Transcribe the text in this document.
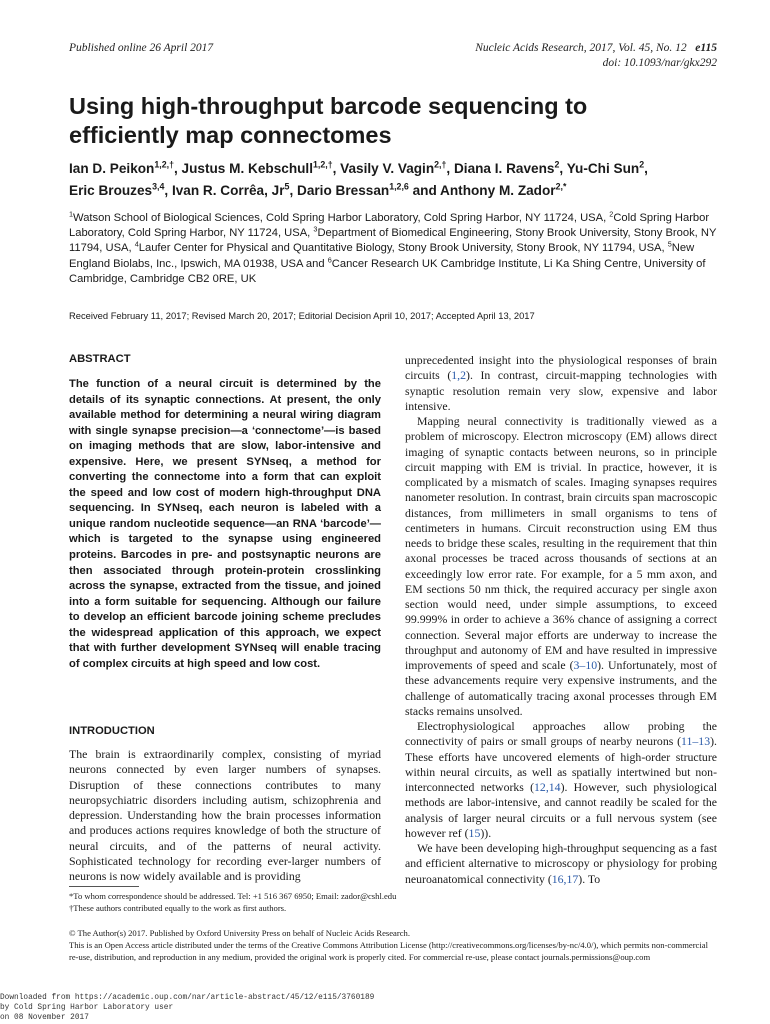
Published online 26 April 2017	Nucleic Acids Research, 2017, Vol. 45, No. 12 e115
doi: 10.1093/nar/gkx292
Using high-throughput barcode sequencing to efficiently map connectomes
Ian D. Peikon$^{1,2,\dagger}$, Justus M. Kebschull$^{1,2,\dagger}$, Vasily V. Vagin$^{2,\dagger}$, Diana I. Ravens$^2$, Yu-Chi Sun$^2$,
Eric Brouzes$^{3,4}$, Ivan R. Corrêa, Jr$^5$, Dario Bressan$^{1,2,6}$ and Anthony M. Zador$^{2,*}$
$^1$Watson School of Biological Sciences, Cold Spring Harbor Laboratory, Cold Spring Harbor, NY 11724, USA, $^2$Cold Spring Harbor Laboratory, Cold Spring Harbor, NY 11724, USA, $^3$Department of Biomedical Engineering, Stony Brook University, Stony Brook, NY 11794, USA, $^4$Laufer Center for Physical and Quantitative Biology, Stony Brook University, Stony Brook, NY 11794, USA, $^5$New England Biolabs, Inc., Ipswich, MA 01938, USA and $^6$Cancer Research UK Cambridge Institute, Li Ka Shing Centre, University of Cambridge, Cambridge CB2 0RE, UK
Received February 11, 2017; Revised March 20, 2017; Editorial Decision April 10, 2017; Accepted April 13, 2017
ABSTRACT
The function of a neural circuit is determined by the details of its synaptic connections. At present, the only available method for determining a neural wiring diagram with single synapse precision—a ‘connectome’—is based on imaging methods that are slow, labor-intensive and expensive. Here, we present SYNseq, a method for converting the connectome into a form that can exploit the speed and low cost of modern high-throughput DNA sequencing. In SYNseq, each neuron is labeled with a unique random nucleotide sequence—an RNA ‘barcode’—which is targeted to the synapse using engineered proteins. Barcodes in pre- and postsynaptic neurons are then associated through protein-protein crosslinking across the synapse, extracted from the tissue, and joined into a form suitable for sequencing. Although our failure to develop an efficient barcode joining scheme precludes the widespread application of this approach, we expect that with further development SYNseq will enable tracing of complex circuits at high speed and low cost.
INTRODUCTION

The brain is extraordinarily complex, consisting of myriad neurons connected by even larger numbers of synapses. Disruption of these connections contributes to many neuropsychiatric disorders including autism, schizophrenia and depression. Understanding how the brain processes information and produces actions requires knowledge of both the structure of neural circuits, and of the patterns of neural activity. Sophisticated technology for recording ever-larger numbers of neurons is now widely available and is providing

unprecedented insight into the physiological responses of brain circuits (1,2). In contrast, circuit-mapping technologies with synaptic resolution remain very slow, expensive and labor intensive.

Mapping neural connectivity is traditionally viewed as a problem of microscopy. Electron microscopy (EM) allows direct imaging of synaptic contacts between neurons, so in principle circuit mapping with EM is trivial. In practice, however, it is complicated by a mismatch of scales. Imaging synapses requires nanometer resolution. In contrast, brain circuits span macroscopic distances, from millimeters in small organisms to tens of centimeters in humans. Circuit reconstruction using EM thus needs to bridge these scales, resulting in the requirement that thin axonal processes be traced across thousands of sections at an exceedingly low error rate. For example, for a 5 mm axon, and EM sections 50 nm thick, the required accuracy per single axon section would need, under simple assumptions, to exceed 99.999% in order to achieve a 36% chance of assigning a correct connection. Several major efforts are underway to increase the throughput and autonomy of EM and have resulted in impressive improvements of speed and scale (3–10). Unfortunately, most of these advancements require very expensive instruments, and the challenge of automatically tracing axonal processes through EM stacks remains unsolved.

Electrophysiological approaches allow probing the connectivity of pairs or small groups of nearby neurons (11–13). These efforts have uncovered elements of high-order structure within neural circuits, as well as spatially intertwined but non-interconnected networks (12,14). However, such physiological methods are labor-intensive, and cannot readily be scaled for the analysis of larger neural circuits or a full nervous system (see however ref (15)).

We have been developing high-throughput sequencing as a fast and efficient alternative to microscopy or physiology for probing neuroanatomical connectivity (16,17). To

*To whom correspondence should be addressed. Tel: +1 516 367 6950; Email: zador@cshl.edu
†These authors contributed equally to the work as first authors.
© The Author(s) 2017. Published by Oxford University Press on behalf of Nucleic Acids Research.
This is an Open Access article distributed under the terms of the Creative Commons Attribution License (http://creativecommons.org/licenses/by-nc/4.0/), which permits non-commercial re-use, distribution, and reproduction in any medium, provided the original work is properly cited. For commercial re-use, please contact journals.permissions@oup.com
Downloaded from https://academic.oup.com/nar/article-abstract/45/12/e115/3760189
by Cold Spring Harbor Laboratory user
on 08 November 2017
